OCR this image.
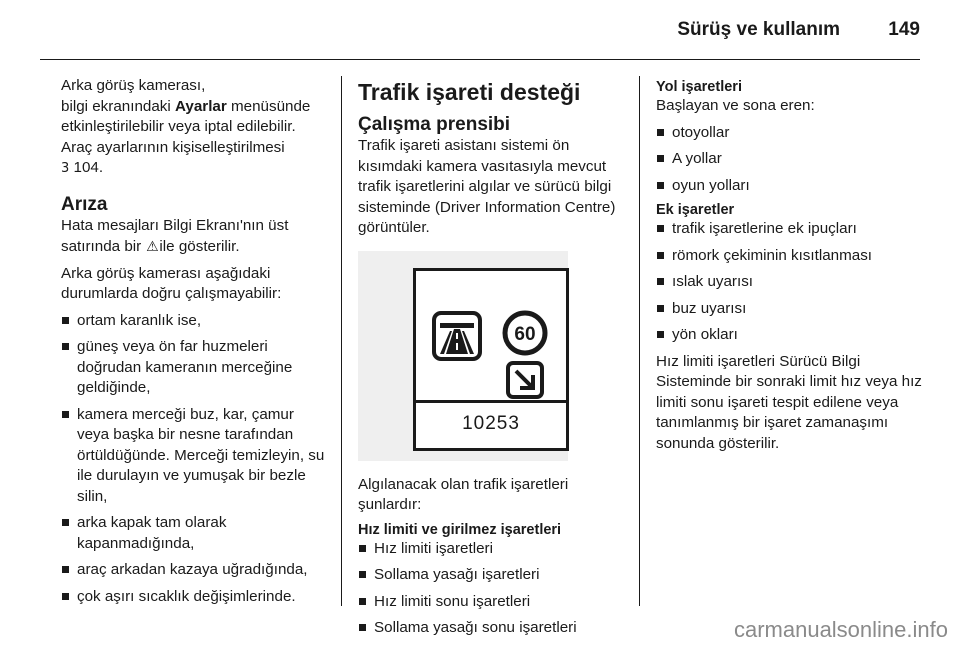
Sürüş ve kullanım	149

Arka görüş kamerası,
bilgi ekranındaki Ayarlar menüsünde
etkinleştirilebilir veya iptal edilebilir.
Araç ayarlarının kişiselleştirilmesi
3 104.

Arıza

Hata mesajları Bilgi Ekranı'nın üst
satırında bir ⚠ile gösterilir.

Arka görüş kamerası aşağıdaki durumlarda doğru çalışmayabilir:

ortam karanlık ise,
güneş veya ön far huzmeleri doğrudan kameranın merceğine geldiğinde,
kamera merceği buz, kar, çamur veya başka bir nesne tarafından örtüldüğünde. Merceği temizleyin, su ile durulayın ve yumuşak bir bezle silin,
arka kapak tam olarak kapanmadığında,
araç arkadan kazaya uğradığında,
çok aşırı sıcaklık değişimlerinde.
Trafik işareti desteği
Çalışma prensibi

Trafik işareti asistanı sistemi ön kısımdaki kamera vasıtasıyla mevcut trafik işaretlerini algılar ve sürücü bilgi sisteminde (Driver Information Centre) görüntüler.

60
10253

Algılanacak olan trafik işaretleri şunlardır:

Hız limiti ve girilmez işaretleri
Hız limiti işaretleri
Sollama yasağı işaretleri
Hız limiti sonu işaretleri
Sollama yasağı sonu işaretleri
Yol işaretleri

Başlayan ve sona eren:

otoyollar
A yollar
oyun yolları
Ek işaretler
trafik işaretlerine ek ipuçları
römork çekiminin kısıtlanması
ıslak uyarısı
buz uyarısı
yön okları

Hız limiti işaretleri Sürücü Bilgi Sisteminde bir sonraki limit hız veya hız limiti sonu işareti tespit edilene veya tanımlanmış bir işaret zamanaşımı sonunda gösterilir.

carmanualsonline.info
